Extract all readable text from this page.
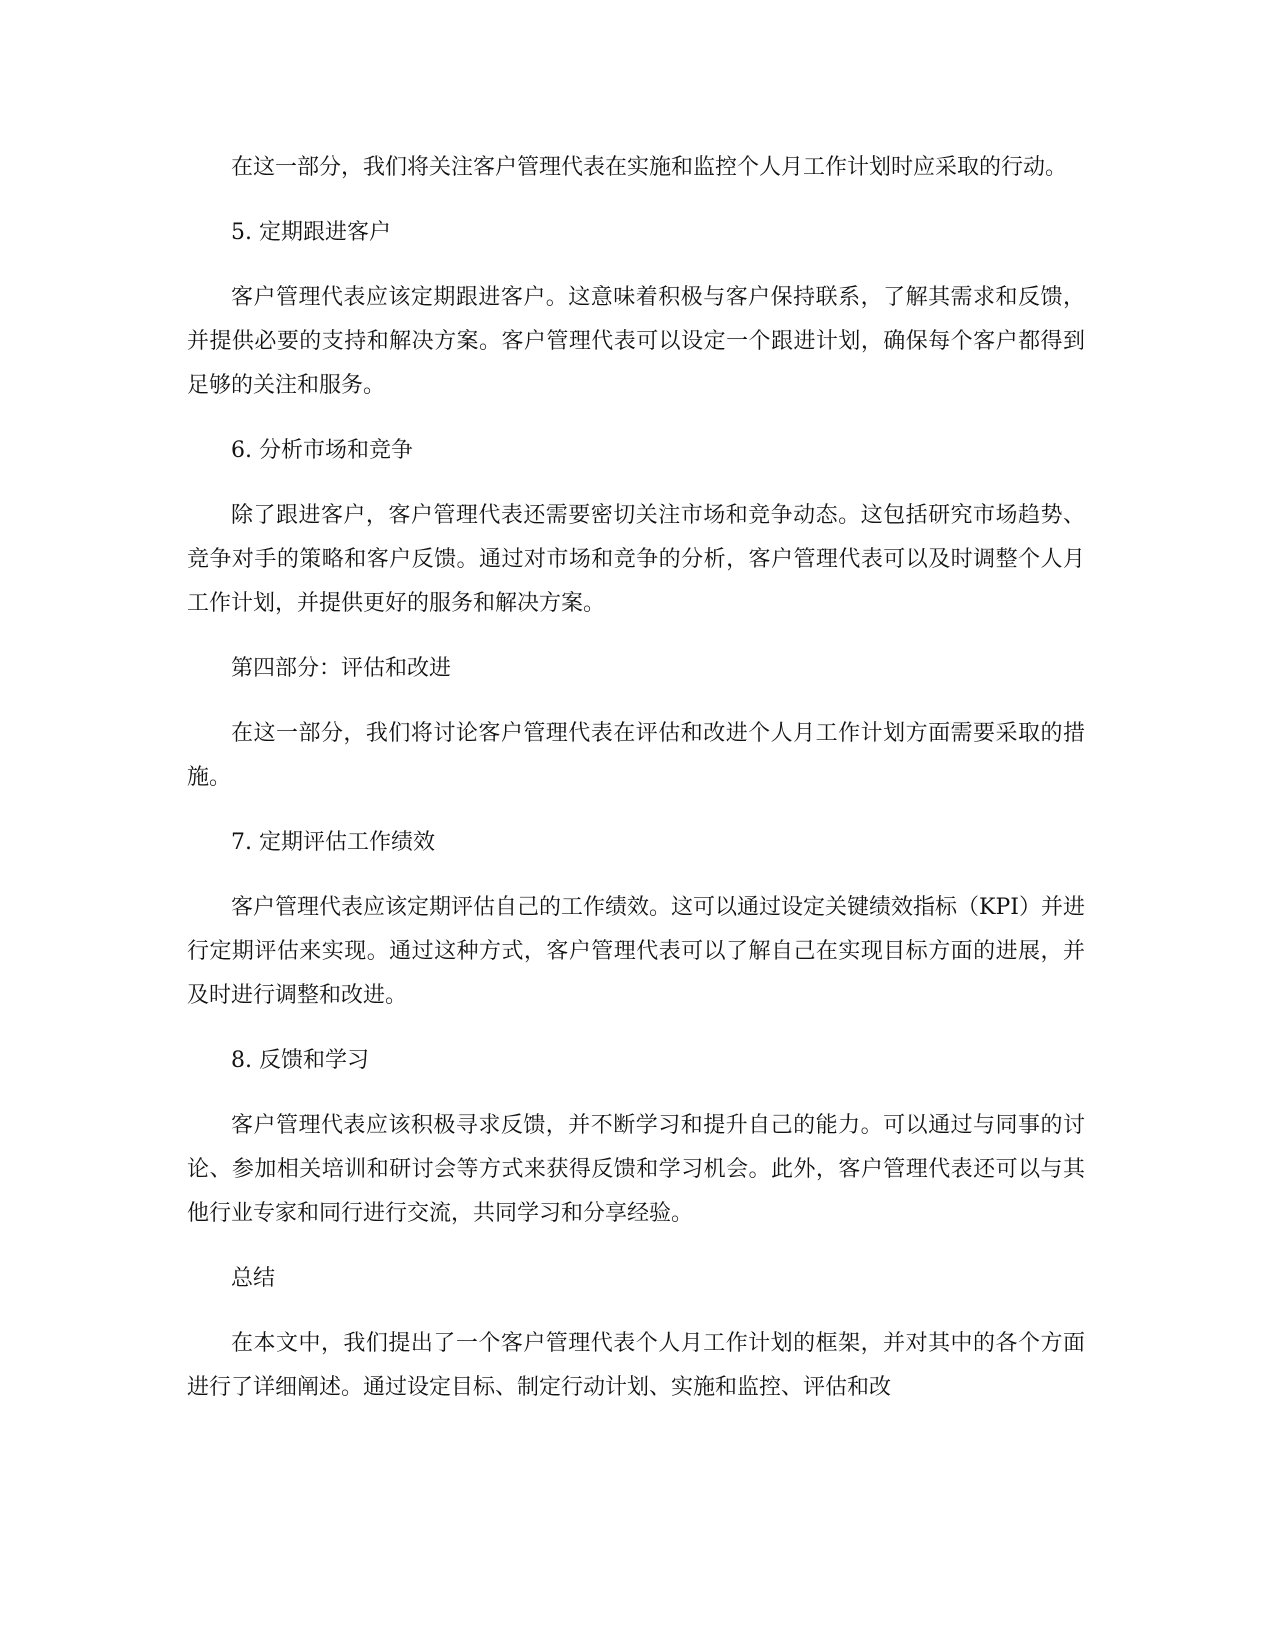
在这一部分，我们将关注客户管理代表在实施和监控个人月工作计划时应采取的行动。

5. 定期跟进客户

客户管理代表应该定期跟进客户。这意味着积极与客户保持联系，了解其需求和反馈，并提供必要的支持和解决方案。客户管理代表可以设定一个跟进计划，确保每个客户都得到足够的关注和服务。

6. 分析市场和竞争

除了跟进客户，客户管理代表还需要密切关注市场和竞争动态。这包括研究市场趋势、竞争对手的策略和客户反馈。通过对市场和竞争的分析，客户管理代表可以及时调整个人月工作计划，并提供更好的服务和解决方案。

第四部分：评估和改进

在这一部分，我们将讨论客户管理代表在评估和改进个人月工作计划方面需要采取的措施。

7. 定期评估工作绩效

客户管理代表应该定期评估自己的工作绩效。这可以通过设定关键绩效指标（KPI）并进行定期评估来实现。通过这种方式，客户管理代表可以了解自己在实现目标方面的进展，并及时进行调整和改进。

8. 反馈和学习

客户管理代表应该积极寻求反馈，并不断学习和提升自己的能力。可以通过与同事的讨论、参加相关培训和研讨会等方式来获得反馈和学习机会。此外，客户管理代表还可以与其他行业专家和同行进行交流，共同学习和分享经验。

总结

在本文中，我们提出了一个客户管理代表个人月工作计划的框架，并对其中的各个方面进行了详细阐述。通过设定目标、制定行动计划、实施和监控、评估和改
